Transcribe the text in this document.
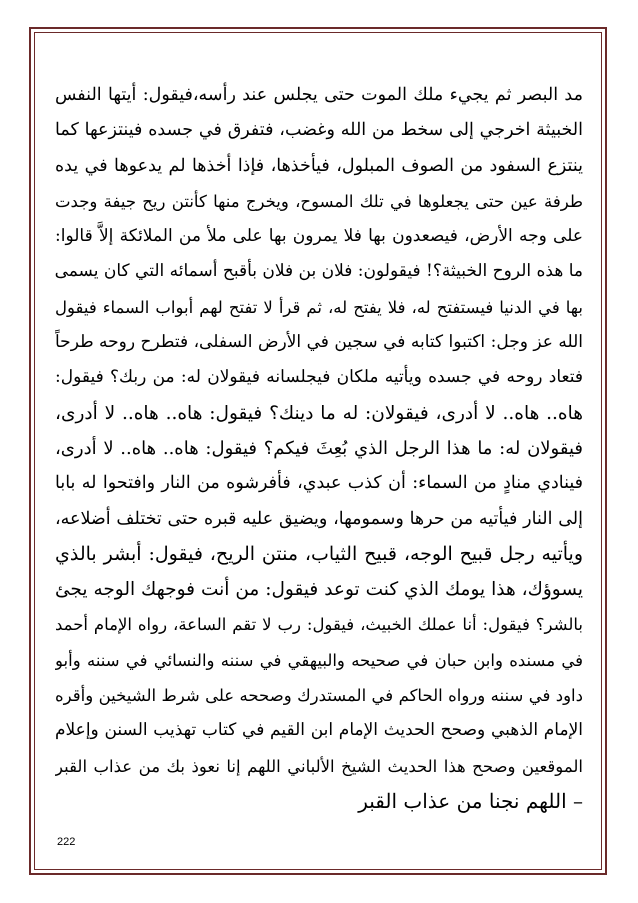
مد البصر ثم يجيء ملك الموت حتى يجلس عند رأسه،فيقول: أيتها النفس
الخبيثة اخرجي إلى سخط من الله وغضب، فتفرق في جسده فينتزعها كما
ينتزع السفود من الصوف المبلول، فيأخذها، فإذا أخذها لم يدعوها في يده
طرفة عين حتى يجعلوها في تلك المسوح، ويخرج منها كأنتن ريح جيفة وجدت
على وجه الأرض، فيصعدون بها فلا يمرون بها على ملأ من الملائكة إلاَّ قالوا:
ما هذه الروح الخبيثة؟! فيقولون: فلان بن فلان بأقبح أسمائه التي كان يسمى
بها في الدنيا فيستفتح له، فلا يفتح له، ثم قرأ لا تفتح لهم أبواب السماء فيقول
الله عز وجل: اكتبوا كتابه في سجين في الأرض السفلى، فتطرح روحه طرحاً
فتعاد روحه في جسده ويأتيه ملكان فيجلسانه فيقولان له: من ربك؟ فيقول:
هاه.. هاه.. لا أدرى، فيقولان: له ما دينك؟ فيقول: هاه.. هاه.. لا أدرى،
فيقولان له: ما هذا الرجل الذي بُعِثَ فيكم؟ فيقول: هاه.. هاه.. لا أدرى،
فينادي منادٍ من السماء: أن كذب عبدي، فأفرشوه من النار وافتحوا له بابا
إلى النار فيأتيه من حرها وسمومها، ويضيق عليه قبره حتى تختلف أضلاعه،
ويأتيه رجل قبيح الوجه، قبيح الثياب، منتن الريح، فيقول: أبشر بالذي
يسوؤك، هذا يومك الذي كنت توعد فيقول: من أنت فوجهك الوجه يجئ
بالشر؟ فيقول: أنا عملك الخبيث، فيقول: رب لا تقم الساعة، رواه الإمام أحمد
في مسنده وابن حبان في صحيحه والبيهقي في سننه والنسائي في سننه وأبو
داود في سننه ورواه الحاكم في المستدرك وصححه على شرط الشيخين وأقره
الإمام الذهبي وصحح الحديث الإمام ابن القيم في كتاب تهذيب السنن وإعلام
الموقعين وصحح هذا الحديث الشيخ الألباني اللهم إنا نعوذ بك من عذاب القبر
– اللهم نجنا من عذاب القبر
222
